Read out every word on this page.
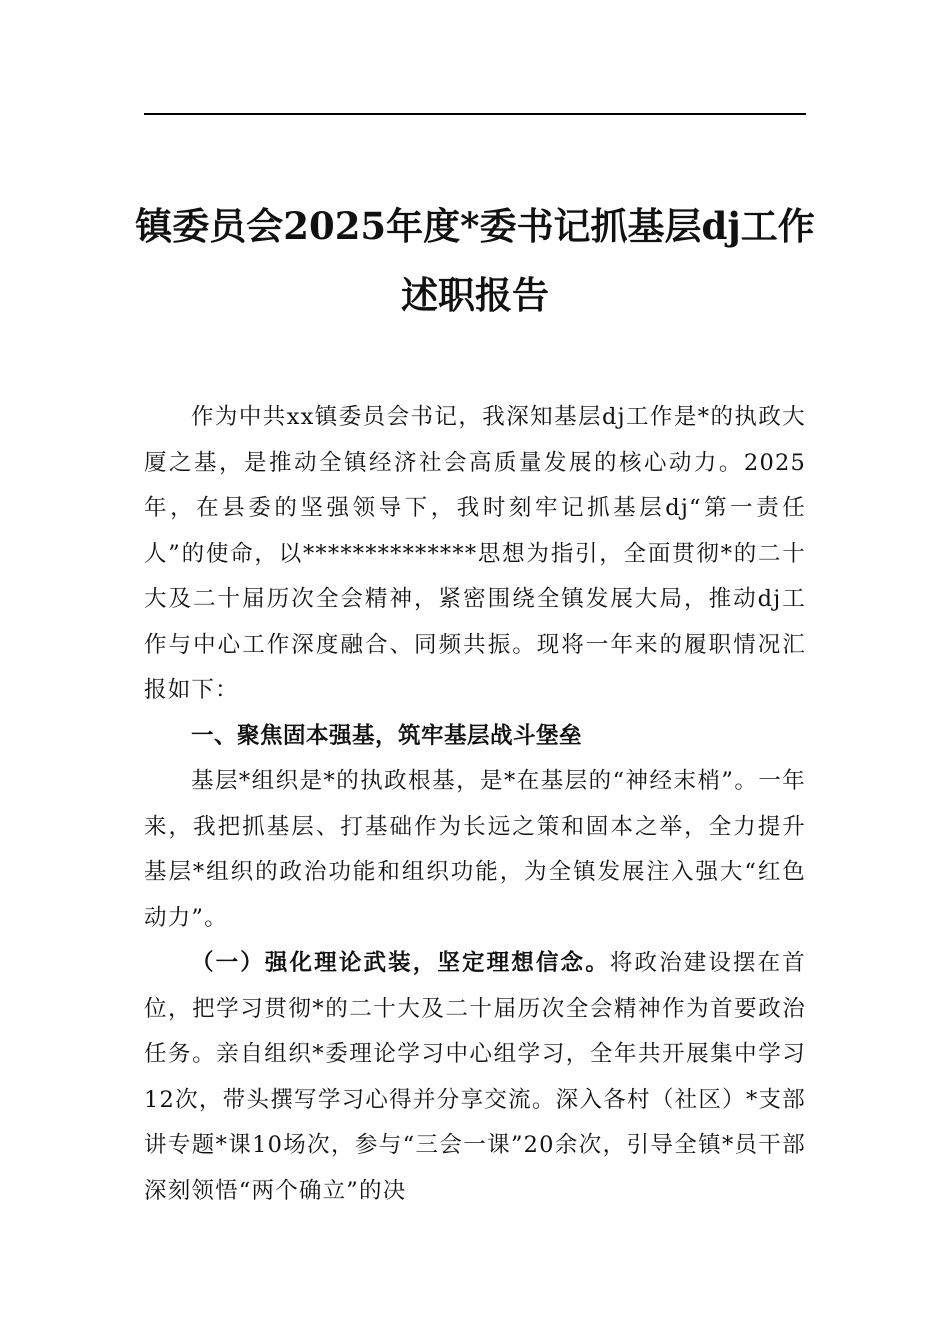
镇委员会2025年度*委书记抓基层dj工作
述职报告

作为中共xx镇委员会书记，我深知基层dj工作是*的执政大厦之基，是推动全镇经济社会高质量发展的核心动力。2025年，在县委的坚强领导下，我时刻牢记抓基层dj“第一责任人”的使命，以**************思想为指引，全面贯彻*的二十大及二十届历次全会精神，紧密围绕全镇发展大局，推动dj工作与中心工作深度融合、同频共振。现将一年来的履职情况汇报如下：

一、聚焦固本强基，筑牢基层战斗堡垒

基层*组织是*的执政根基，是*在基层的“神经末梢”。一年来，我把抓基层、打基础作为长远之策和固本之举，全力提升基层*组织的政治功能和组织功能，为全镇发展注入强大“红色动力”。

（一）强化理论武装，坚定理想信念。将政治建设摆在首位，把学习贯彻*的二十大及二十届历次全会精神作为首要政治任务。亲自组织*委理论学习中心组学习，全年共开展集中学习12次，带头撰写学习心得并分享交流。深入各村（社区）*支部讲专题*课10场次，参与“三会一课”20余次，引导全镇*员干部深刻领悟“两个确立”的决
